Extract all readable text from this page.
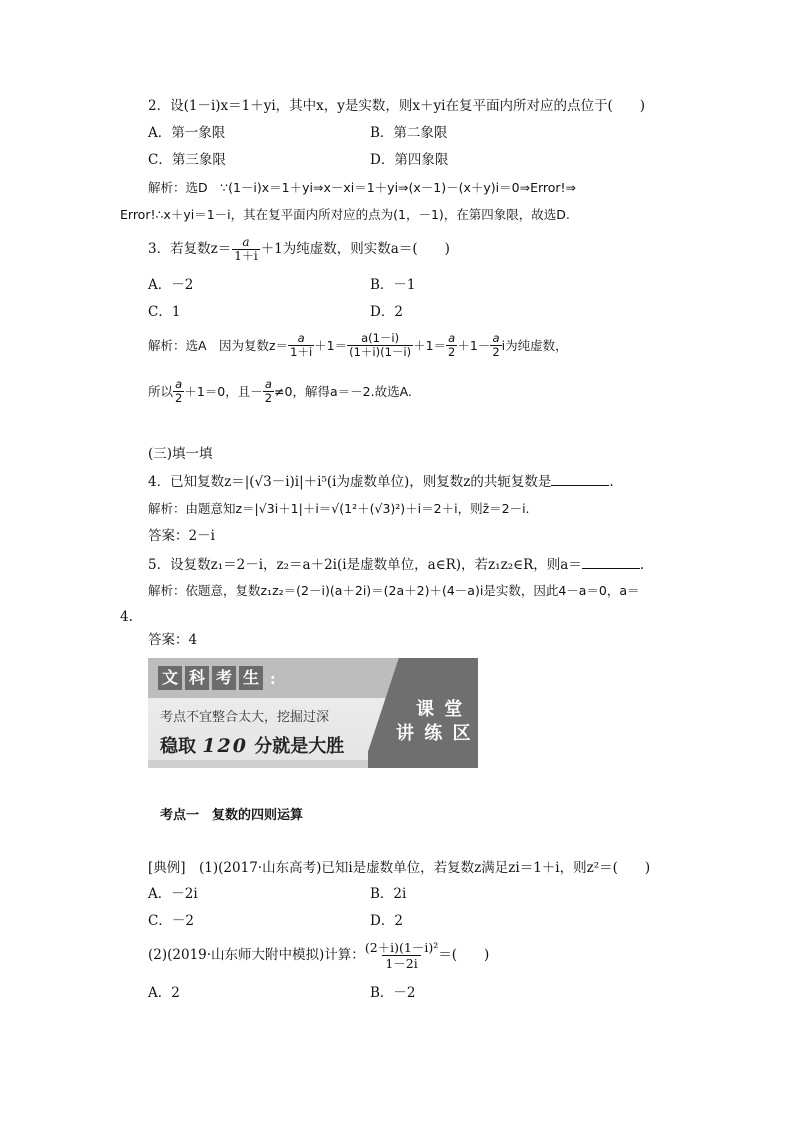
2．设(1－i)x＝1＋yi，其中x，y是实数，则x＋yi在复平面内所对应的点位于(　　)
A．第一象限	B．第二象限
C．第三象限	D．第四象限
解析：选D　∵(1－i)x＝1＋yi⇒x－xi＝1＋yi⇒(x－1)－(x＋y)i＝0⇒Error!⇒
Error!∴x＋yi＝1－i，其在复平面内所对应的点为(1，－1)，在第四象限，故选D.
3．若复数$z= \frac{a}{1+i} +1$为纯虚数，则实数a＝(　　)
A．－2	B．－1
C．1	D．2
解析：选A　因为复数$z= \frac{a}{1+i} +1= \frac{a(1-i)}{(1+i)(1-i)} +1= \frac{a}{2} +1- \frac{a}{2}$ i为纯虚数，
所以 $\frac{a}{2} +1=0$，且－ $\frac{a}{2} \ne 0$，解得a＝－2.故选A.
(三)填一填
4．已知复数z＝|(√3－i)i|＋i⁵(i为虚数单位)，则复数z的共轭复数是	.
解析：由题意知z＝|√3i＋1|＋i＝√(1²＋(√3)²)＋i＝2＋i，则z̄＝2－i.
答案：2－i
5．设复数z₁＝2－i，z₂＝a＋2i(i是虚数单位，a∈R)，若z₁z₂∈R，则a＝	.
解析：依题意，复数z₁z₂＝(2－i)(a＋2i)＝(2a＋2)＋(4－a)i是实数，因此4－a＝0，a＝
4.
答案：4
文 科 考 生 :
考点不宜整合太大，挖掘过深
稳取 120 分就是大胜
课 堂
讲 练 区
考点一　复数的四则运算
[典例]　(1)(2017·山东高考)已知i是虚数单位，若复数z满足zi＝1＋i，则z²＝(　　)
A．－2i	B．2i
C．－2	D．2
(2)(2019·山东师大附中模拟)计算： $\frac{\text{(2＋i)(1－i)²}}{1-2i}$ ＝(　　)
A．2	B．－2
